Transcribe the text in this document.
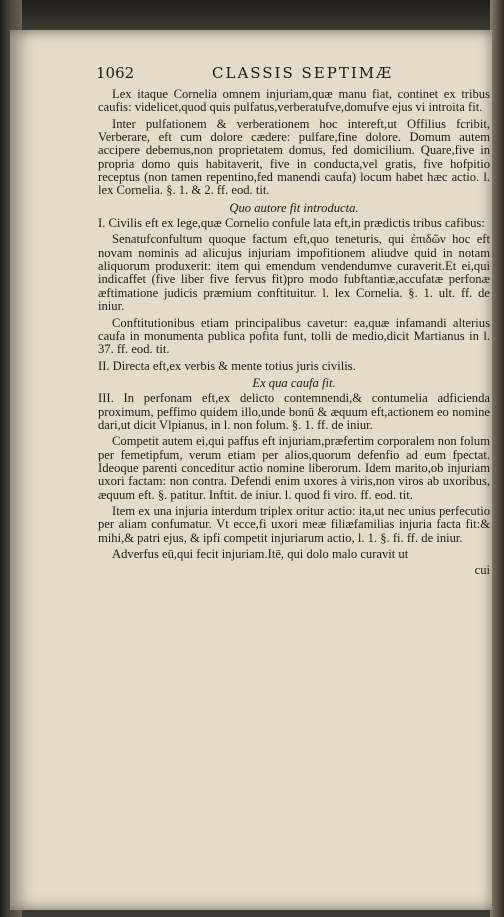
1062	CLASSIS SEPTIMÆ

Lex itaque Cornelia omnem injuriam,quæ manu fiat, continet ex tribus caufis: videlicet,quod quis pulfatus,verberatufve,domufve ejus vi introita fit.

Inter pulfationem & verberationem hoc intereft,ut Offilius fcribit, Verberare, eft cum dolore cædere: pulfare,fine dolore. Domum autem accipere debemus,non proprietatem domus, fed domicilium. Quare,five in propria domo quis habitaverit, five in conducta,vel gratis, five hofpitio receptus (non tamen repentino,fed manendi caufa) locum habet hæc actio. l. lex Cornelia. §. 1. & 2. ff. eod. tit.

Quo autore fit introducta.

I. Civilis eft ex lege,quæ Cornelio confule lata eft,in prædictis tribus cafibus:

Senatufconfultum quoque factum eft,quo teneturis, qui ἐπιδῶν hoc eft novam nominis ad alicujus injuriam impofitionem aliudve quid in notam aliquorum produxerit: item qui emendum vendendumve curaverit.Et ei,qui indicaffet (five liber five fervus fit)pro modo fubftantiæ,accufatæ perfonæ æftimatione judicis præmium conftituitur. l. lex Cornelia. §. 1. ult. ff. de iniur.

Conftitutionibus etiam principalibus cavetur: ea,quæ infamandi alterius caufa in monumenta publica pofita funt, tolli de medio,dicit Martianus in l. 37. ff. eod. tit.

II. Directa eft,ex verbis & mente totius juris civilis.

Ex qua caufa fit.

III. In perfonam eft,ex delicto contemnendi,& contumelia adficienda proximum, peffimo quidem illo,unde bonū & æquum eft,actionem eo nomine dari,ut dicit Vlpianus, in l. non folum. §. 1. ff. de iniur.

Competit autem ei,qui paffus eft injuriam,præfertim corporalem non folum per femetipfum, verum etiam per alios,quorum defenfio ad eum fpectat. Ideoque parenti conceditur actio nomine liberorum. Idem marito,ob injuriam uxori factam: non contra. Defendi enim uxores à viris,non viros ab uxoribus, æquum eft. §. patitur. Inftit. de iniur. l. quod fi viro. ff. eod. tit.

Item ex una injuria interdum triplex oritur actio: ita,ut nec unius perfecutio per aliam confumatur. Vt ecce,fi uxori meæ filiæfamilias injuria facta fit:& mihi,& patri ejus, & ipfi competit injuriarum actio, l. 1. §. fi. ff. de iniur.

Adverfus eū,qui fecit injuriam.Itē, qui dolo malo curavit ut

cui
